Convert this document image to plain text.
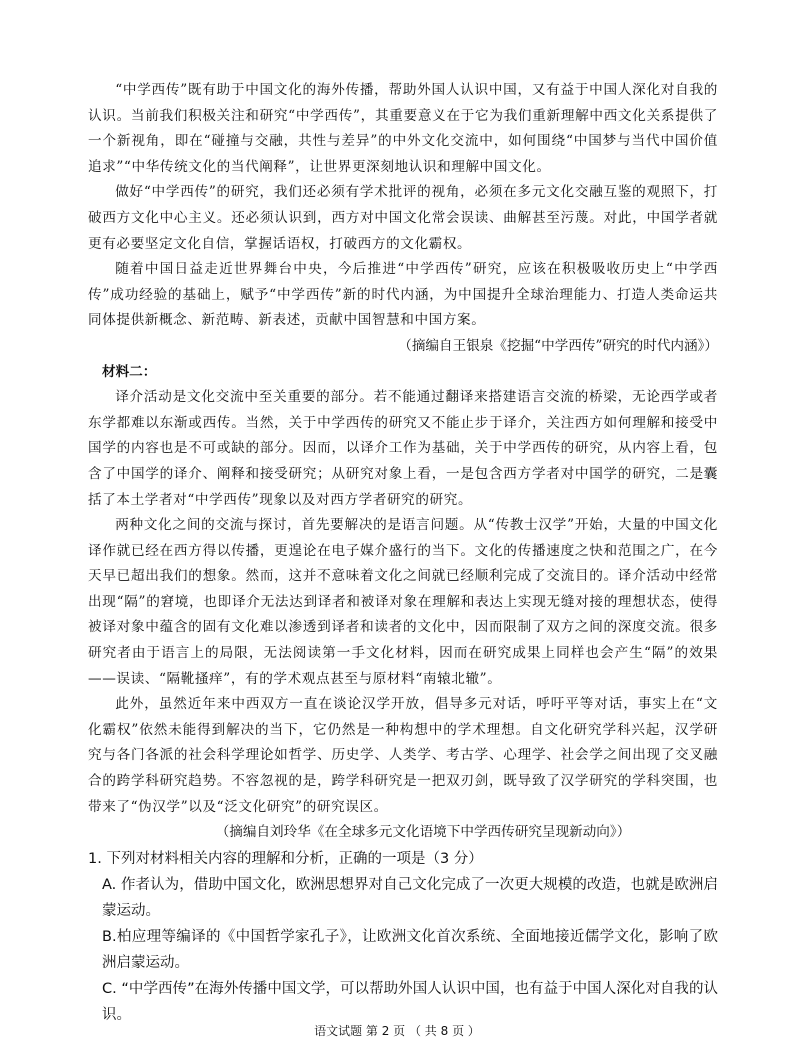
“中学西传”既有助于中国文化的海外传播，帮助外国人认识中国，又有益于中国人深化对自我的认识。当前我们积极关注和研究“中学西传”，其重要意义在于它为我们重新理解中西文化关系提供了一个新视角，即在“碰撞与交融，共性与差异”的中外文化交流中，如何围绕“中国梦与当代中国价值追求”“中华传统文化的当代阐释”，让世界更深刻地认识和理解中国文化。

做好“中学西传”的研究，我们还必须有学术批评的视角，必须在多元文化交融互鉴的观照下，打破西方文化中心主义。还必须认识到，西方对中国文化常会误读、曲解甚至污蔑。对此，中国学者就更有必要坚定文化自信，掌握话语权，打破西方的文化霸权。

随着中国日益走近世界舞台中央，今后推进“中学西传”研究，应该在积极吸收历史上“中学西传”成功经验的基础上，赋予“中学西传”新的时代内涵，为中国提升全球治理能力、打造人类命运共同体提供新概念、新范畴、新表述，贡献中国智慧和中国方案。

（摘编自王银泉《挖掘“中学西传”研究的时代内涵》）

材料二：

译介活动是文化交流中至关重要的部分。若不能通过翻译来搭建语言交流的桥梁，无论西学或者东学都难以东渐或西传。当然，关于中学西传的研究又不能止步于译介，关注西方如何理解和接受中国学的内容也是不可或缺的部分。因而，以译介工作为基础，关于中学西传的研究，从内容上看，包含了中国学的译介、阐释和接受研究；从研究对象上看，一是包含西方学者对中国学的研究，二是囊括了本土学者对“中学西传”现象以及对西方学者研究的研究。

两种文化之间的交流与探讨，首先要解决的是语言问题。从“传教士汉学”开始，大量的中国文化译作就已经在西方得以传播，更遑论在电子媒介盛行的当下。文化的传播速度之快和范围之广，在今天早已超出我们的想象。然而，这并不意味着文化之间就已经顺利完成了交流目的。译介活动中经常出现“隔”的窘境，也即译介无法达到译者和被译对象在理解和表达上实现无缝对接的理想状态，使得被译对象中蕴含的固有文化难以渗透到译者和读者的文化中，因而限制了双方之间的深度交流。很多研究者由于语言上的局限，无法阅读第一手文化材料，因而在研究成果上同样也会产生“隔”的效果——误读、“隔靴搔痒”，有的学术观点甚至与原材料“南辕北辙”。

此外，虽然近年来中西双方一直在谈论汉学开放，倡导多元对话，呼吁平等对话，事实上在“文化霸权”依然未能得到解决的当下，它仍然是一种构想中的学术理想。自文化研究学科兴起，汉学研究与各门各派的社会科学理论如哲学、历史学、人类学、考古学、心理学、社会学之间出现了交叉融合的跨学科研究趋势。不容忽视的是，跨学科研究是一把双刃剑，既导致了汉学研究的学科突围，也带来了“伪汉学”以及“泛文化研究”的研究误区。

（摘编自刘玲华《在全球多元文化语境下中学西传研究呈现新动向》）

1. 下列对材料相关内容的理解和分析，正确的一项是（3 分）

A. 作者认为，借助中国文化，欧洲思想界对自己文化完成了一次更大规模的改造，也就是欧洲启蒙运动。

B.柏应理等编译的《中国哲学家孔子》，让欧洲文化首次系统、全面地接近儒学文化，影响了欧洲启蒙运动。

C. “中学西传”在海外传播中国文学，可以帮助外国人认识中国，也有益于中国人深化对自我的认识。

语文试题 第 2 页 （ 共 8 页 ）
